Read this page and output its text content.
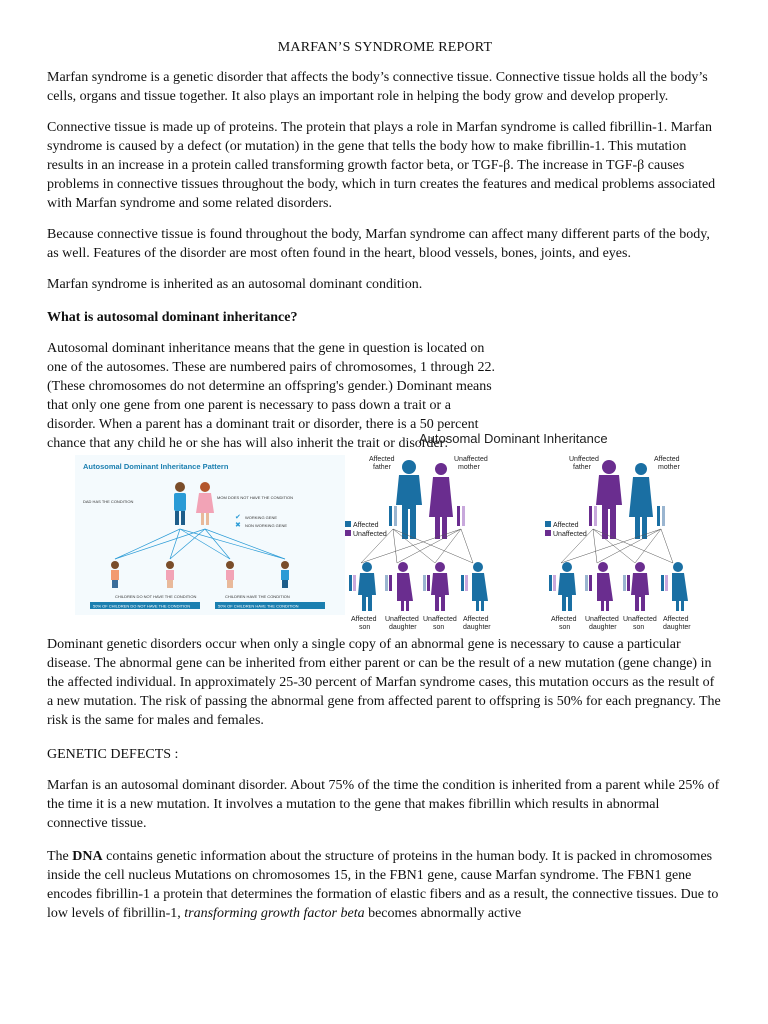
MARFAN’S SYNDROME REPORT

Marfan syndrome is a genetic disorder that affects the body’s connective tissue. Connective tissue holds all the body’s cells, organs and tissue together. It also plays an important role in helping the body grow and develop properly.

Connective tissue is made up of proteins. The protein that plays a role in Marfan syndrome is called fibrillin-1. Marfan syndrome is caused by a defect (or mutation) in the gene that tells the body how to make fibrillin-1. This mutation results in an increase in a protein called transforming growth factor beta, or TGF-β. The increase in TGF-β causes problems in connective tissues throughout the body, which in turn creates the features and medical problems associated with Marfan syndrome and some related disorders.

Because connective tissue is found throughout the body, Marfan syndrome can affect many different parts of the body, as well. Features of the disorder are most often found in the heart, blood vessels, bones, joints, and eyes.

Marfan syndrome is inherited as an autosomal dominant condition.

What is autosomal dominant inheritance?

Autosomal dominant inheritance means that the gene in question is located on one of the autosomes. These are numbered pairs of chromosomes, 1 through 22. (These chromosomes do not determine an offspring's gender.) Dominant means that only one gene from one parent is necessary to pass down a trait or a disorder. When a parent has a dominant trait or disorder, there is a 50 percent chance that any child he or she has will also inherit the trait or disorder:

Autosomal Dominant Inheritance Pattern
DAD HAS THE CONDITION
MOM DOES NOT HAVE THE CONDITION
✔ WORKING GENE
✖ NON WORKING GENE
CHILDREN DO NOT HAVE THE CONDITION	CHILDREN HAVE THE CONDITION
50% OF CHILDREN DO NOT HAVE THE CONDITION	50% OF CHILDREN HAVE THE CONDITION
Autosomal Dominant Inheritance
Affected
father
Unaffected
mother
Affected
Unaffected
Affected
son
Unaffected
daughter
Unaffected
son
Affected
daughter
Unffected
father
Affected
mother
Affected
Unaffected
Affected
son
Unaffected
daughter
Unaffected
son
Affected
daughter

Dominant genetic disorders occur when only a single copy of an abnormal gene is necessary to cause a particular disease. The abnormal gene can be inherited from either parent or can be the result of a new mutation (gene change) in the affected individual. In approximately 25-30 percent of Marfan syndrome cases, this mutation occurs as the result of a new mutation. The risk of passing the abnormal gene from affected parent to offspring is 50% for each pregnancy. The risk is the same for males and females.

GENETIC DEFECTS :

Marfan is an autosomal dominant disorder. About 75% of the time the condition is inherited from a parent while 25% of the time it is a new mutation. It involves a mutation to the gene that makes fibrillin which results in abnormal connective tissue.

The DNA contains genetic information about the structure of proteins in the human body. It is packed in chromosomes inside the cell nucleus Mutations on chromosomes 15, in the FBN1 gene, cause Marfan syndrome. The FBN1 gene encodes fibrillin-1 a protein that determines the formation of elastic fibers and as a result, the connective tissues. Due to low levels of fibrillin-1, transforming growth factor beta becomes abnormally active
